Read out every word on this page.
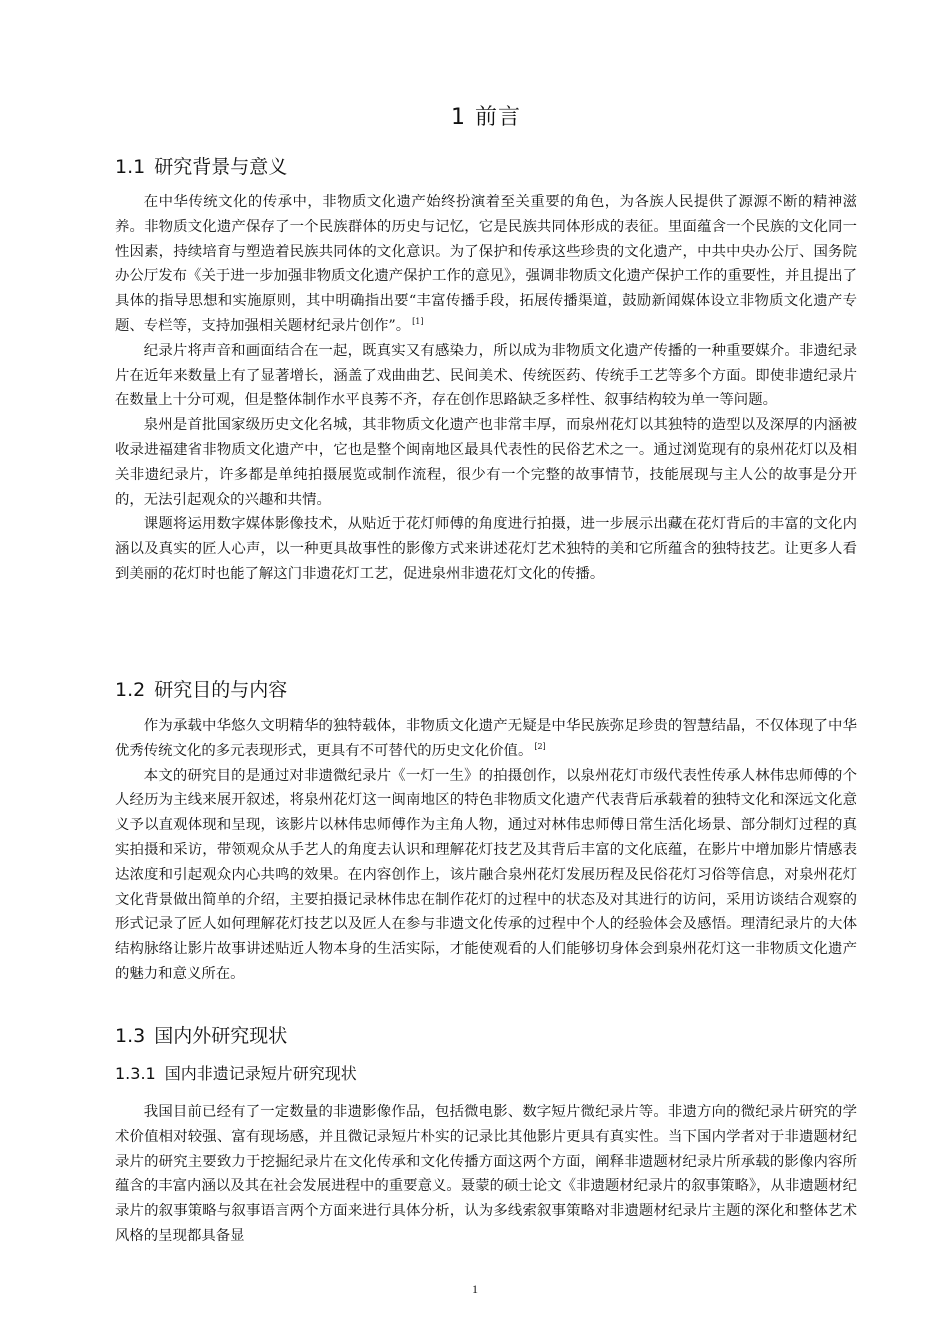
1 前言
1.1 研究背景与意义

在中华传统文化的传承中，非物质文化遗产始终扮演着至关重要的角色，为各族人民提供了源源不断的精神滋养。非物质文化遗产保存了一个民族群体的历史与记忆，它是民族共同体形成的表征。里面蕴含一个民族的文化同一性因素，持续培育与塑造着民族共同体的文化意识。为了保护和传承这些珍贵的文化遗产，中共中央办公厅、国务院办公厅发布《关于进一步加强非物质文化遗产保护工作的意见》，强调非物质文化遗产保护工作的重要性，并且提出了具体的指导思想和实施原则，其中明确指出要“丰富传播手段，拓展传播渠道，鼓励新闻媒体设立非物质文化遗产专题、专栏等，支持加强相关题材纪录片创作”。 [1]

纪录片将声音和画面结合在一起，既真实又有感染力，所以成为非物质文化遗产传播的一种重要媒介。非遗纪录片在近年来数量上有了显著增长，涵盖了戏曲曲艺、民间美术、传统医药、传统手工艺等多个方面。即使非遗纪录片在数量上十分可观，但是整体制作水平良莠不齐，存在创作思路缺乏多样性、叙事结构较为单一等问题。

泉州是首批国家级历史文化名城，其非物质文化遗产也非常丰厚，而泉州花灯以其独特的造型以及深厚的内涵被收录进福建省非物质文化遗产中，它也是整个闽南地区最具代表性的民俗艺术之一。通过浏览现有的泉州花灯以及相关非遗纪录片，许多都是单纯拍摄展览或制作流程，很少有一个完整的故事情节，技能展现与主人公的故事是分开的，无法引起观众的兴趣和共情。

课题将运用数字媒体影像技术，从贴近于花灯师傅的角度进行拍摄，进一步展示出藏在花灯背后的丰富的文化内涵以及真实的匠人心声，以一种更具故事性的影像方式来讲述花灯艺术独特的美和它所蕴含的独特技艺。让更多人看到美丽的花灯时也能了解这门非遗花灯工艺，促进泉州非遗花灯文化的传播。

1.2 研究目的与内容

作为承载中华悠久文明精华的独特载体，非物质文化遗产无疑是中华民族弥足珍贵的智慧结晶，不仅体现了中华优秀传统文化的多元表现形式，更具有不可替代的历史文化价值。 [2]

本文的研究目的是通过对非遗微纪录片《一灯一生》的拍摄创作，以泉州花灯市级代表性传承人林伟忠师傅的个人经历为主线来展开叙述，将泉州花灯这一闽南地区的特色非物质文化遗产代表背后承载着的独特文化和深远文化意义予以直观体现和呈现，该影片以林伟忠师傅作为主角人物，通过对林伟忠师傅日常生活化场景、部分制灯过程的真实拍摄和采访，带领观众从手艺人的角度去认识和理解花灯技艺及其背后丰富的文化底蕴，在影片中增加影片情感表达浓度和引起观众内心共鸣的效果。在内容创作上，该片融合泉州花灯发展历程及民俗花灯习俗等信息，对泉州花灯文化背景做出简单的介绍，主要拍摄记录林伟忠在制作花灯的过程中的状态及对其进行的访问，采用访谈结合观察的形式记录了匠人如何理解花灯技艺以及匠人在参与非遗文化传承的过程中个人的经验体会及感悟。理清纪录片的大体结构脉络让影片故事讲述贴近人物本身的生活实际，才能使观看的人们能够切身体会到泉州花灯这一非物质文化遗产的魅力和意义所在。

1.3 国内外研究现状
1.3.1 国内非遗记录短片研究现状

我国目前已经有了一定数量的非遗影像作品，包括微电影、数字短片微纪录片等。非遗方向的微纪录片研究的学术价值相对较强、富有现场感，并且微记录短片朴实的记录比其他影片更具有真实性。当下国内学者对于非遗题材纪录片的研究主要致力于挖掘纪录片在文化传承和文化传播方面这两个方面，阐释非遗题材纪录片所承载的影像内容所蕴含的丰富内涵以及其在社会发展进程中的重要意义。聂蒙的硕士论文《非遗题材纪录片的叙事策略》，从非遗题材纪录片的叙事策略与叙事语言两个方面来进行具体分析，认为多线索叙事策略对非遗题材纪录片主题的深化和整体艺术风格的呈现都具备显

1
